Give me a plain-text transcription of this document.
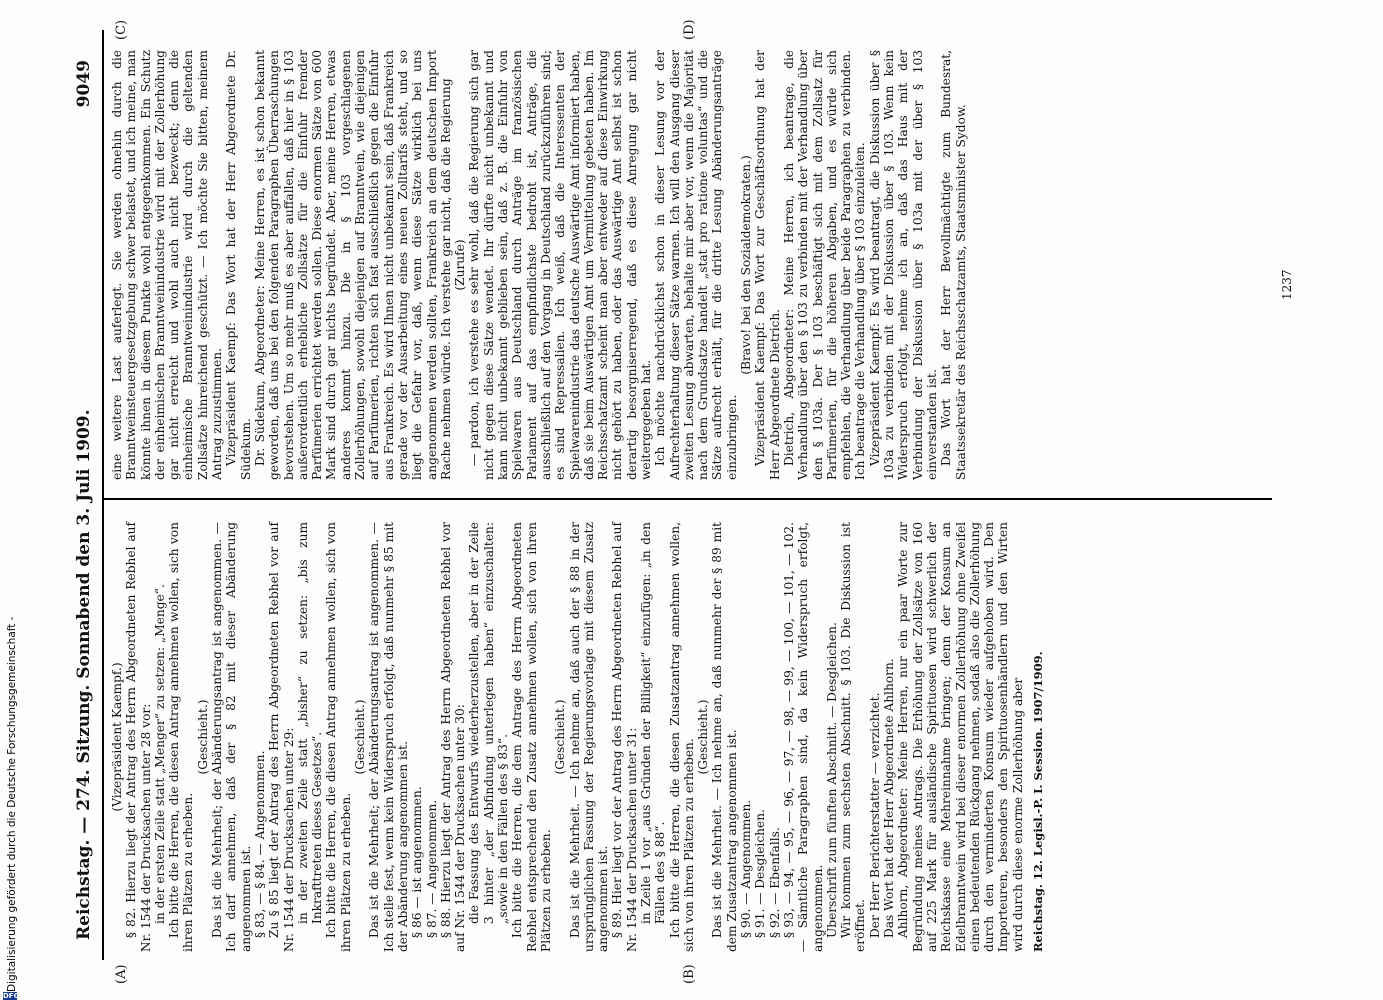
Reichstag. — 274. Sitzung. Sonnabend den 3. Juli 1909.
9049
(A)	(B)
(C)	(D)

(Vizepräsident Kaempf.) § 82. Hierzu liegt der Antrag des Herrn Abgeordneten Rebhel auf Nr. 1544 der Drucksachen unter 28 vor: in der ersten Zeile statt „Menger“ zu setzen: „Menge“. Ich bitte die Herren, die diesen Antrag annehmen wollen, sich von ihren Plätzen zu erheben.

(Geschieht.) Das ist die Mehrheit; der Abänderungsantrag ist angenommen. — Ich darf annehmen, daß der § 82 mit dieser Abänderung angenommen ist. § 83, — § 84. — Angenommen. Zu § 85 liegt der Antrag des Herrn Abgeordneten Rebhel vor auf Nr. 1544 der Drucksachen unter 29: in der zweiten Zeile statt „bisher“ zu setzen: „bis zum Inkrafttreten dieses Gesetzes“. Ich bitte die Herren, die diesen Antrag annehmen wollen, sich von ihren Plätzen zu erheben.

(Geschieht.) Das ist die Mehrheit; der Abänderungsantrag ist angenommen. — Ich stelle fest, wenn kein Widerspruch erfolgt, daß nunmehr § 85 mit der Abänderung angenommen ist. § 86 — ist angenommen. § 87. — Angenommen. § 88. Hierzu liegt der Antrag des Herrn Abgeordneten Rebhel vor auf Nr. 1544 der Drucksachen unter 30: die Fassung des Entwurfs wiederherzustellen, aber in der Zeile 3 hinter „der Abfindung unterlegen haben“ einzuschalten: „sowie in den Fällen des § 83“. Ich bitte die Herren, die dem Antrage des Herrn Abgeordneten Rebhel entsprechend den Zusatz annehmen wollen, sich von ihren Plätzen zu erheben.

(Geschieht.) Das ist die Mehrheit. — Ich nehme an, daß auch der § 88 in der ursprünglichen Fassung der Regierungsvorlage mit diesem Zusatz angenommen ist. § 89. Hier liegt vor der Antrag des Herrn Abgeordneten Rebhel auf Nr. 1544 der Drucksachen unter 31: in Zeile 1 vor „aus Gründen der Billigkeit“ einzufügen: „in den Fällen des § 88“. Ich bitte die Herren, die diesen Zusatzantrag annehmen wollen, sich von ihren Plätzen zu erheben.

(Geschieht.) Das ist die Mehrheit. — Ich nehme an, daß nunmehr der § 89 mit dem Zusatzantrag angenommen ist. § 90. — Angenommen. § 91. — Desgleichen. § 92. — Ebenfalls. § 93, — 94, — 95, — 96, — 97, — 98, — 99, — 100, — 101, — 102. — Sämtliche Paragraphen sind, da kein Widerspruch erfolgt, angenommen. Überschrift zum fünften Abschnitt. — Desgleichen. Wir kommen zum sechsten Abschnitt. § 103. Die Diskussion ist eröffnet. Der Herr Berichterstatter — verzichtet. Das Wort hat der Herr Abgeordnete Ahlhorn. Ahlhorn, Abgeordneter: Meine Herren, nur ein paar Worte zur Begründung meines Antrags. Die Erhöhung der Zollsätze von 160 auf 225 Mark für ausländische Spirituosen wird schwerlich der Reichskasse eine Mehreinnahme bringen; denn der Konsum an Edelbranntwein wird bei dieser enormen Zollerhöhung ohne Zweifel einen bedeutenden Rückgang nehmen, sodaß also die Zollerhöhung durch den verminderten Konsum wieder aufgehoben wird. Den Importeuren, besonders den Spirituosenhändlern und den Wirten wird durch diese enorme Zollerhöhung aber Reichstag. 12. Legisl.-P. I. Session. 1907/1909.

eine weitere Last auferlegt. Sie werden ohnehin durch die Branntweinsteuergesetzgebung schwer belastet, und ich meine, man könnte ihnen in diesem Punkte wohl entgegenkommen. Ein Schutz der einheimischen Branntweinindustrie wird mit der Zollerhöhung gar nicht erreicht und wohl auch nicht bezweckt; denn die einheimische Branntweinindustrie wird durch die geltenden Zollsätze hinreichend geschützt. — Ich möchte Sie bitten, meinem Antrag zuzustimmen. Vizepräsident Kaempf: Das Wort hat der Herr Abgeordnete Dr. Südekum. Dr. Südekum, Abgeordneter: Meine Herren, es ist schon bekannt geworden, daß uns bei den folgenden Paragraphen Überraschungen bevorstehen. Um so mehr muß es aber auffallen, daß hier in § 103 außerordentlich erhebliche Zollsätze für die Einfuhr fremder Parfümerien errichtet werden sollen. Diese enormen Sätze von 600 Mark sind durch gar nichts begründet. Aber, meine Herren, etwas anderes kommt hinzu. Die in § 103 vorgeschlagenen Zollerhöhungen, sowohl diejenigen auf Branntwein, wie diejenigen auf Parfümerien, richten sich fast ausschließlich gegen die Einfuhr aus Frankreich. Es wird Ihnen nicht unbekannt sein, daß Frankreich gerade vor der Ausarbeitung eines neuen Zolltarifs steht, und so liegt die Gefahr vor, daß, wenn diese Sätze wirklich bei uns angenommen werden sollten, Frankreich an dem deutschen Import Rache nehmen würde. Ich verstehe gar nicht, daß die Regierung (Zurufe) — pardon, ich verstehe es sehr wohl, daß die Regierung sich gar nicht gegen diese Sätze wendet. Ihr dürfte nicht unbekannt und kann nicht unbekannt geblieben sein, daß z. B. die Einfuhr von Spielwaren aus Deutschland durch Anträge im französischen Parlament auf das empfindlichste bedroht ist, Anträge, die ausschließlich auf den Vorgang in Deutschland zurückzuführen sind; es sind Repressalien. Ich weiß, daß die Interessenten der Spielwarenindustrie das deutsche Auswärtige Amt informiert haben, daß sie beim Auswärtigen Amt um Vermittelung gebeten haben. Im Reichsschatzamt scheint man aber entweder auf diese Einwirkung nicht gehört zu haben, oder das Auswärtige Amt selbst ist schon derartig besorgniserregend, daß es diese Anregung gar nicht weitergegeben hat. Ich möchte nachdrücklichst schon in dieser Lesung vor der Aufrechterhaltung dieser Sätze warnen. Ich will den Ausgang dieser zweiten Lesung abwarten, behalte mir aber vor, wenn die Majorität nach dem Grundsatze handelt „stat pro ratione voluntas“ und die Sätze aufrecht erhält, für die dritte Lesung Abänderungsanträge einzubringen.

(Bravo! bei den Sozialdemokraten.) Vizepräsident Kaempf: Das Wort zur Geschäftsordnung hat der Herr Abgeordnete Dietrich. Dietrich, Abgeordneter: Meine Herren, ich beantrage, die Verhandlung über den § 103 zu verbinden mit der Verhandlung über den § 103a. Der § 103 beschäftigt sich mit dem Zollsatz für Parfümerien, für die höheren Abgaben, und es würde sich empfehlen, die Verhandlung über beide Paragraphen zu verbinden. Ich beantrage die Verhandlung über § 103 einzuleiten. Vizepräsident Kaempf: Es wird beantragt, die Diskussion über § 103a zu verbinden mit der Diskussion über § 103. Wenn kein Widerspruch erfolgt, nehme ich an, daß das Haus mit der Verbindung der Diskussion über § 103a mit der über § 103 einverstanden ist. Das Wort hat der Herr Bevollmächtigte zum Bundesrat, Staatssekretär des Reichsschatzamts, Staatsminister Sydow.	1237
Digitalisierung gefördert durch die Deutsche Forschungsgemeinschaft -
DFG
